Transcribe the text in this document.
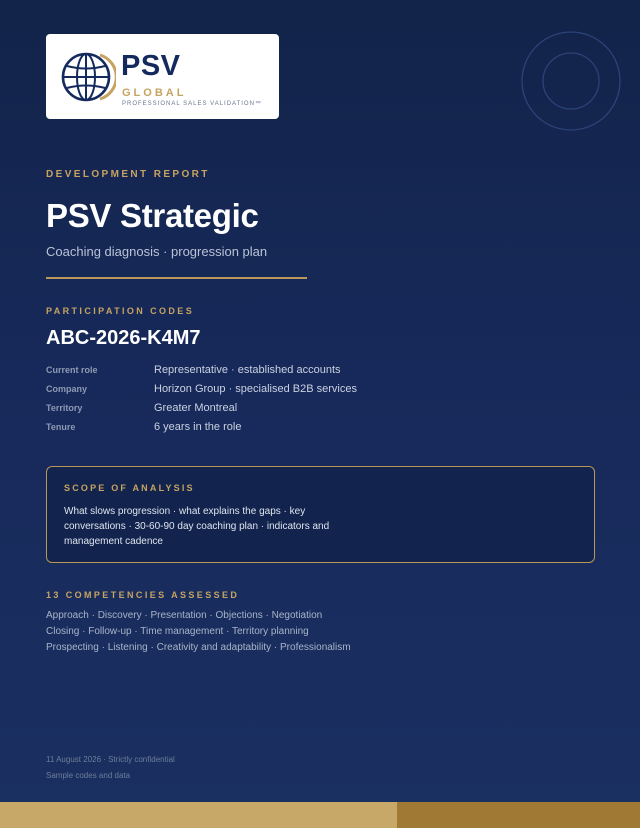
PSV
GLOBAL
PROFESSIONAL SALES VALIDATION™
DEVELOPMENT REPORT
PSV Strategic
Coaching diagnosis · progression plan
PARTICIPATION CODES
ABC-2026-K4M7
Current role	Representative · established accounts
Company	Horizon Group · specialised B2B services
Territory	Greater Montreal
Tenure	6 years in the role
SCOPE OF ANALYSIS
What slows progression · what explains the gaps · key conversations · 30-60-90 day coaching plan · indicators and management cadence
13 COMPETENCIES ASSESSED
Approach · Discovery · Presentation · Objections · Negotiation
Closing · Follow-up · Time management · Territory planning
Prospecting · Listening · Creativity and adaptability · Professionalism
11 August 2026 · Strictly confidential
Sample codes and data
